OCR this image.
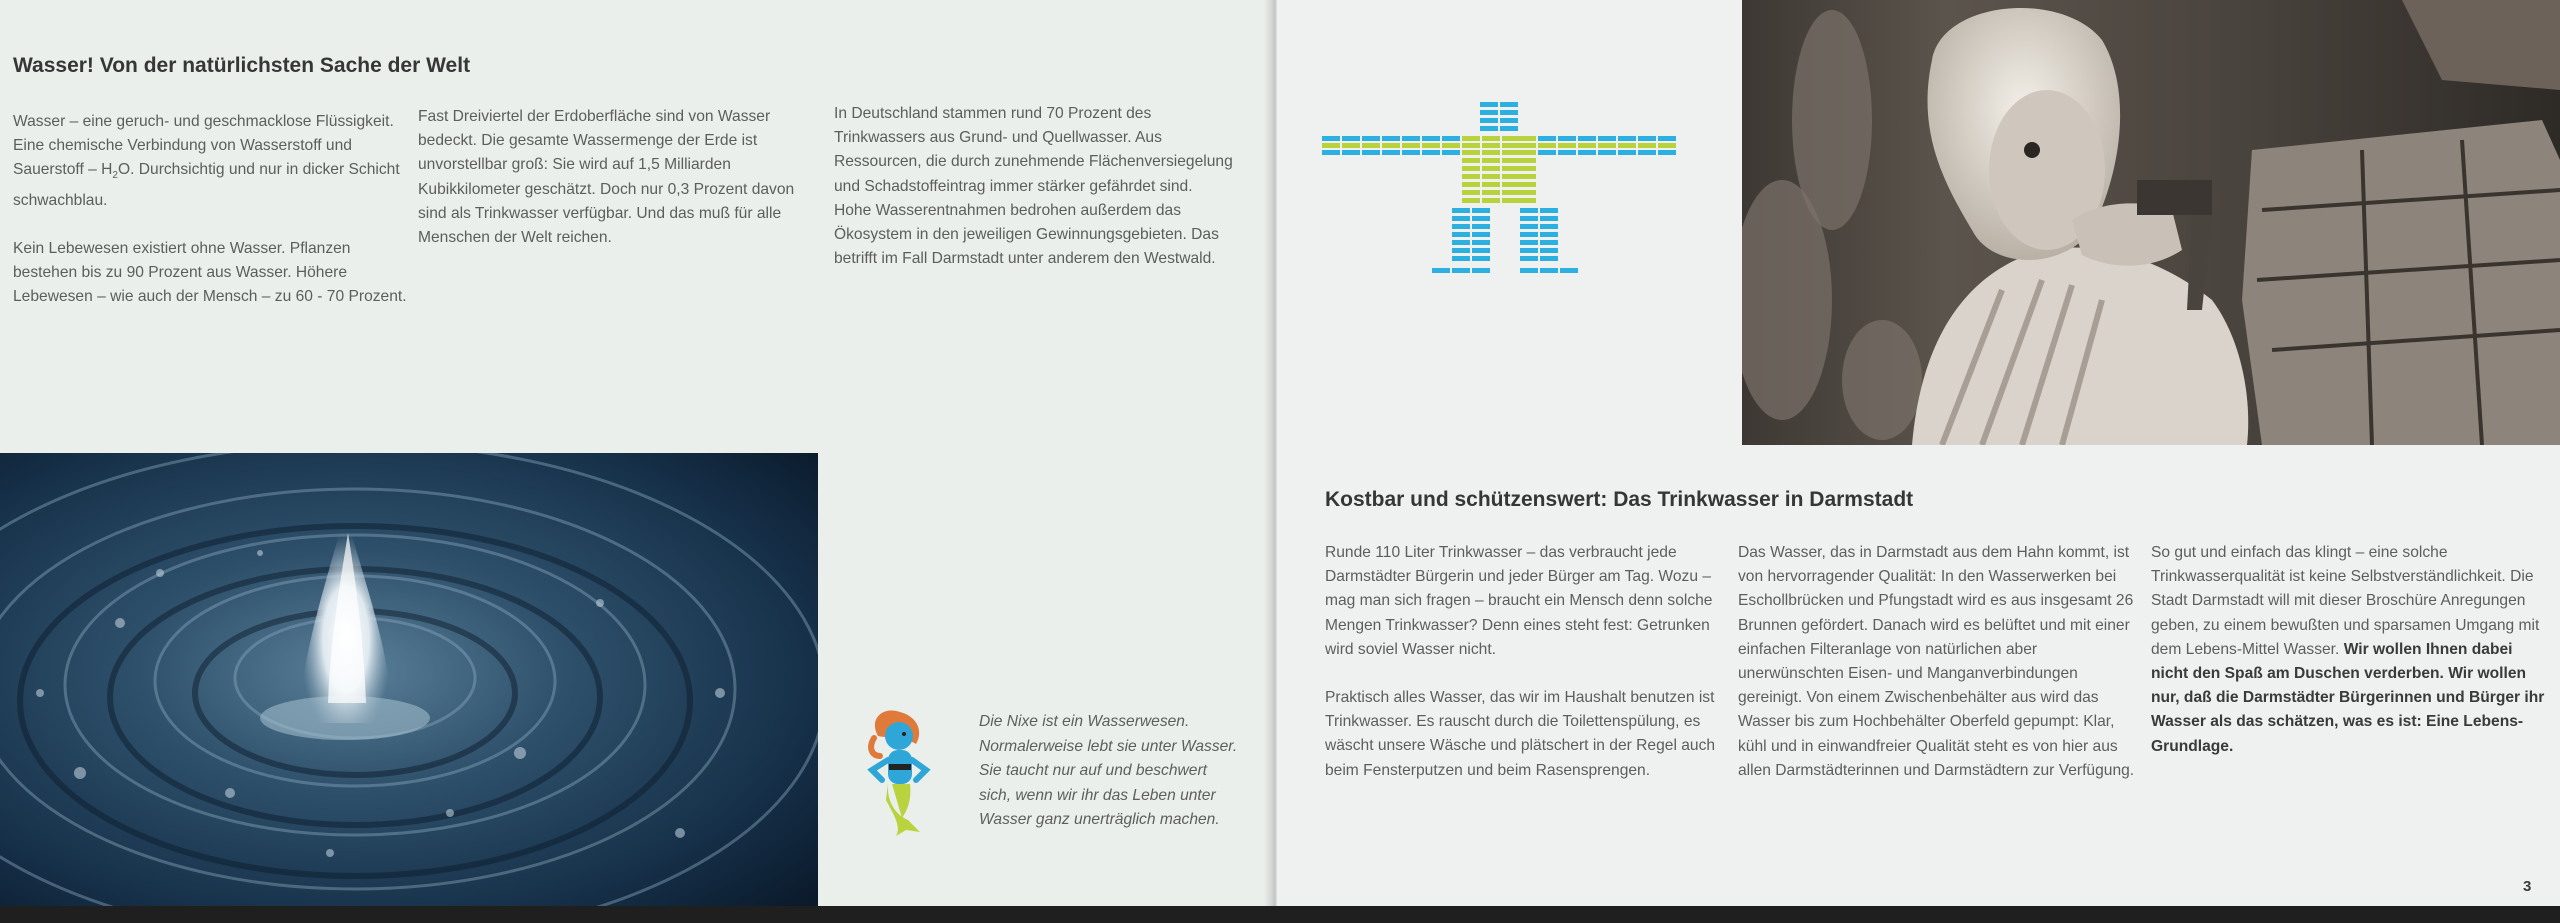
Wasser! Von der natürlichsten Sache der Welt

Wasser – eine geruch- und geschmacklose Flüssigkeit. Eine chemische Verbindung von Wasserstoff und Sauerstoff – $H_2O$. Durchsichtig und nur in dicker Schicht schwachblau.

Kein Lebewesen existiert ohne Wasser. Pflanzen bestehen bis zu 90 Prozent aus Wasser. Höhere Lebewesen – wie auch der Mensch – zu 60 - 70 Prozent.

Fast Dreiviertel der Erdoberfläche sind von Wasser bedeckt. Die gesamte Wassermenge der Erde ist unvorstellbar groß: Sie wird auf 1,5 Milliarden Kubikkilometer geschätzt. Doch nur 0,3 Prozent davon sind als Trinkwasser verfügbar. Und das muß für alle Menschen der Welt reichen.

In Deutschland stammen rund 70 Prozent des Trinkwassers aus Grund- und Quellwasser. Aus Ressourcen, die durch zunehmende Flächenversiegelung und Schadstoffeintrag immer stärker gefährdet sind. Hohe Wasserentnahmen bedrohen außerdem das Ökosystem in den jeweiligen Gewinnungsgebieten. Das betrifft im Fall Darmstadt unter anderem den Westwald.

Die Nixe ist ein Wasserwesen. Normalerweise lebt sie unter Wasser. Sie taucht nur auf und beschwert sich, wenn wir ihr das Leben unter Wasser ganz unerträglich machen.
Kostbar und schützenswert: Das Trinkwasser in Darmstadt

Runde 110 Liter Trinkwasser – das verbraucht jede Darmstädter Bürgerin und jeder Bürger am Tag. Wozu – mag man sich fragen – braucht ein Mensch denn solche Mengen Trinkwasser? Denn eines steht fest: Getrunken wird soviel Wasser nicht.

Praktisch alles Wasser, das wir im Haushalt benutzen ist Trinkwasser. Es rauscht durch die Toilettenspülung, es wäscht unsere Wäsche und plätschert in der Regel auch beim Fensterputzen und beim Rasensprengen.

Das Wasser, das in Darmstadt aus dem Hahn kommt, ist von hervorragender Qualität: In den Wasserwerken bei Eschollbrücken und Pfungstadt wird es aus insgesamt 26 Brunnen gefördert. Danach wird es belüftet und mit einer einfachen Filteranlage von natürlichen aber unerwünschten Eisen- und Manganverbindungen gereinigt. Von einem Zwischenbehälter aus wird das Wasser bis zum Hochbehälter Oberfeld gepumpt: Klar, kühl und in einwandfreier Qualität steht es von hier aus allen Darmstädterinnen und Darmstädtern zur Verfügung.

So gut und einfach das klingt – eine solche Trinkwasserqualität ist keine Selbstverständlichkeit. Die Stadt Darmstadt will mit dieser Broschüre Anregungen geben, zu einem bewußten und sparsamen Umgang mit dem Lebens-Mittel Wasser. Wir wollen Ihnen dabei nicht den Spaß am Duschen verderben. Wir wollen nur, daß die Darmstädter Bürgerinnen und Bürger ihr Wasser als das schätzen, was es ist: Eine Lebens-Grundlage.

3
